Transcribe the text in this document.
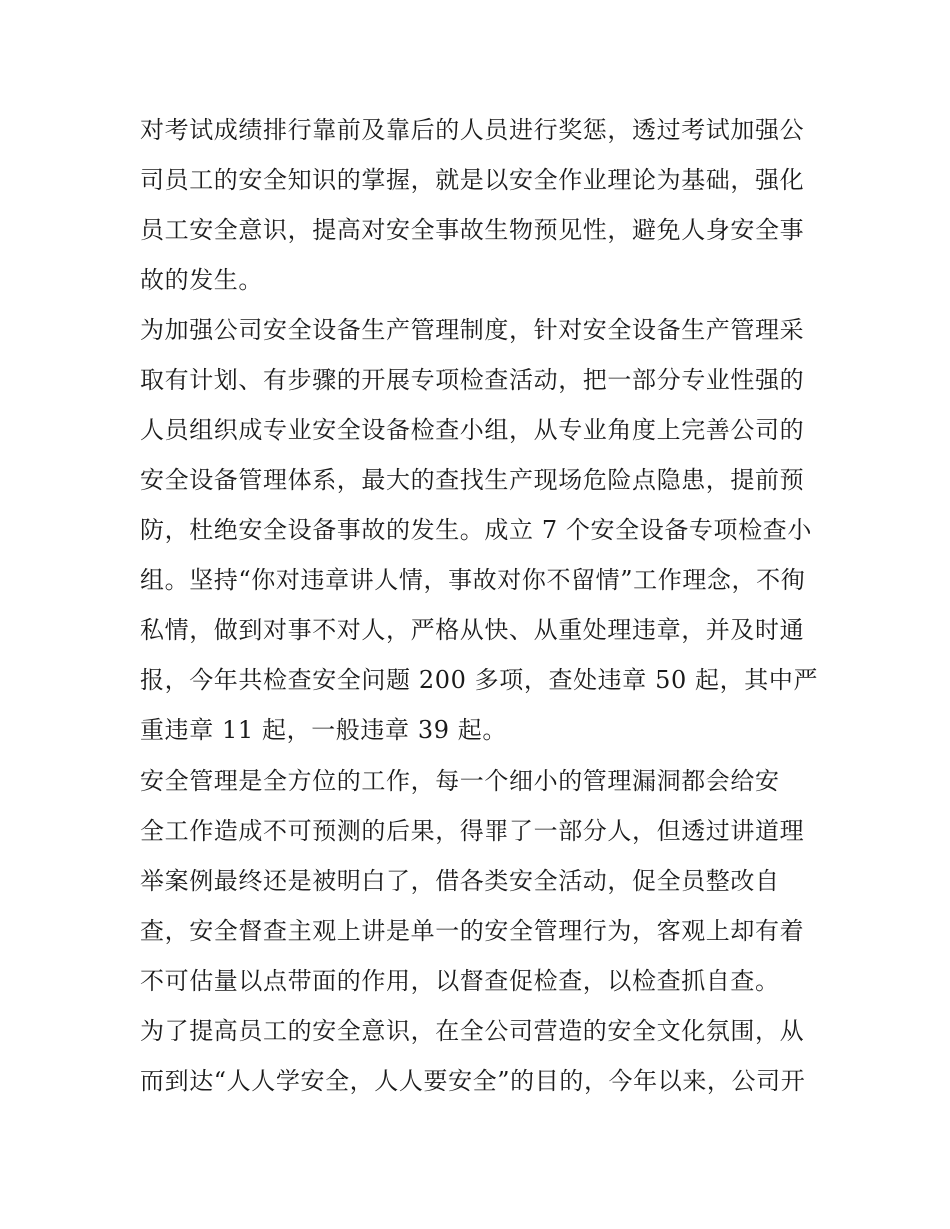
对考试成绩排行靠前及靠后的人员进行奖惩，透过考试加强公

司员工的安全知识的掌握，就是以安全作业理论为基础，强化

员工安全意识，提高对安全事故生物预见性，避免人身安全事

故的发生。

为加强公司安全设备生产管理制度，针对安全设备生产管理采

取有计划、有步骤的开展专项检查活动，把一部分专业性强的

人员组织成专业安全设备检查小组，从专业角度上完善公司的

安全设备管理体系，最大的查找生产现场危险点隐患，提前预

防，杜绝安全设备事故的发生。成立 7 个安全设备专项检查小

组。坚持“你对违章讲人情，事故对你不留情”工作理念，不徇

私情，做到对事不对人，严格从快、从重处理违章，并及时通

报，今年共检查安全问题 200 多项，查处违章 50 起，其中严

重违章 11 起，一般违章 39 起。

安全管理是全方位的工作，每一个细小的管理漏洞都会给安

全工作造成不可预测的后果，得罪了一部分人，但透过讲道理

举案例最终还是被明白了，借各类安全活动，促全员整改自

查，安全督查主观上讲是单一的安全管理行为，客观上却有着

不可估量以点带面的作用，以督查促检查，以检查抓自查。

为了提高员工的安全意识，在全公司营造的安全文化氛围，从

而到达“人人学安全，人人要安全”的目的，今年以来，公司开
